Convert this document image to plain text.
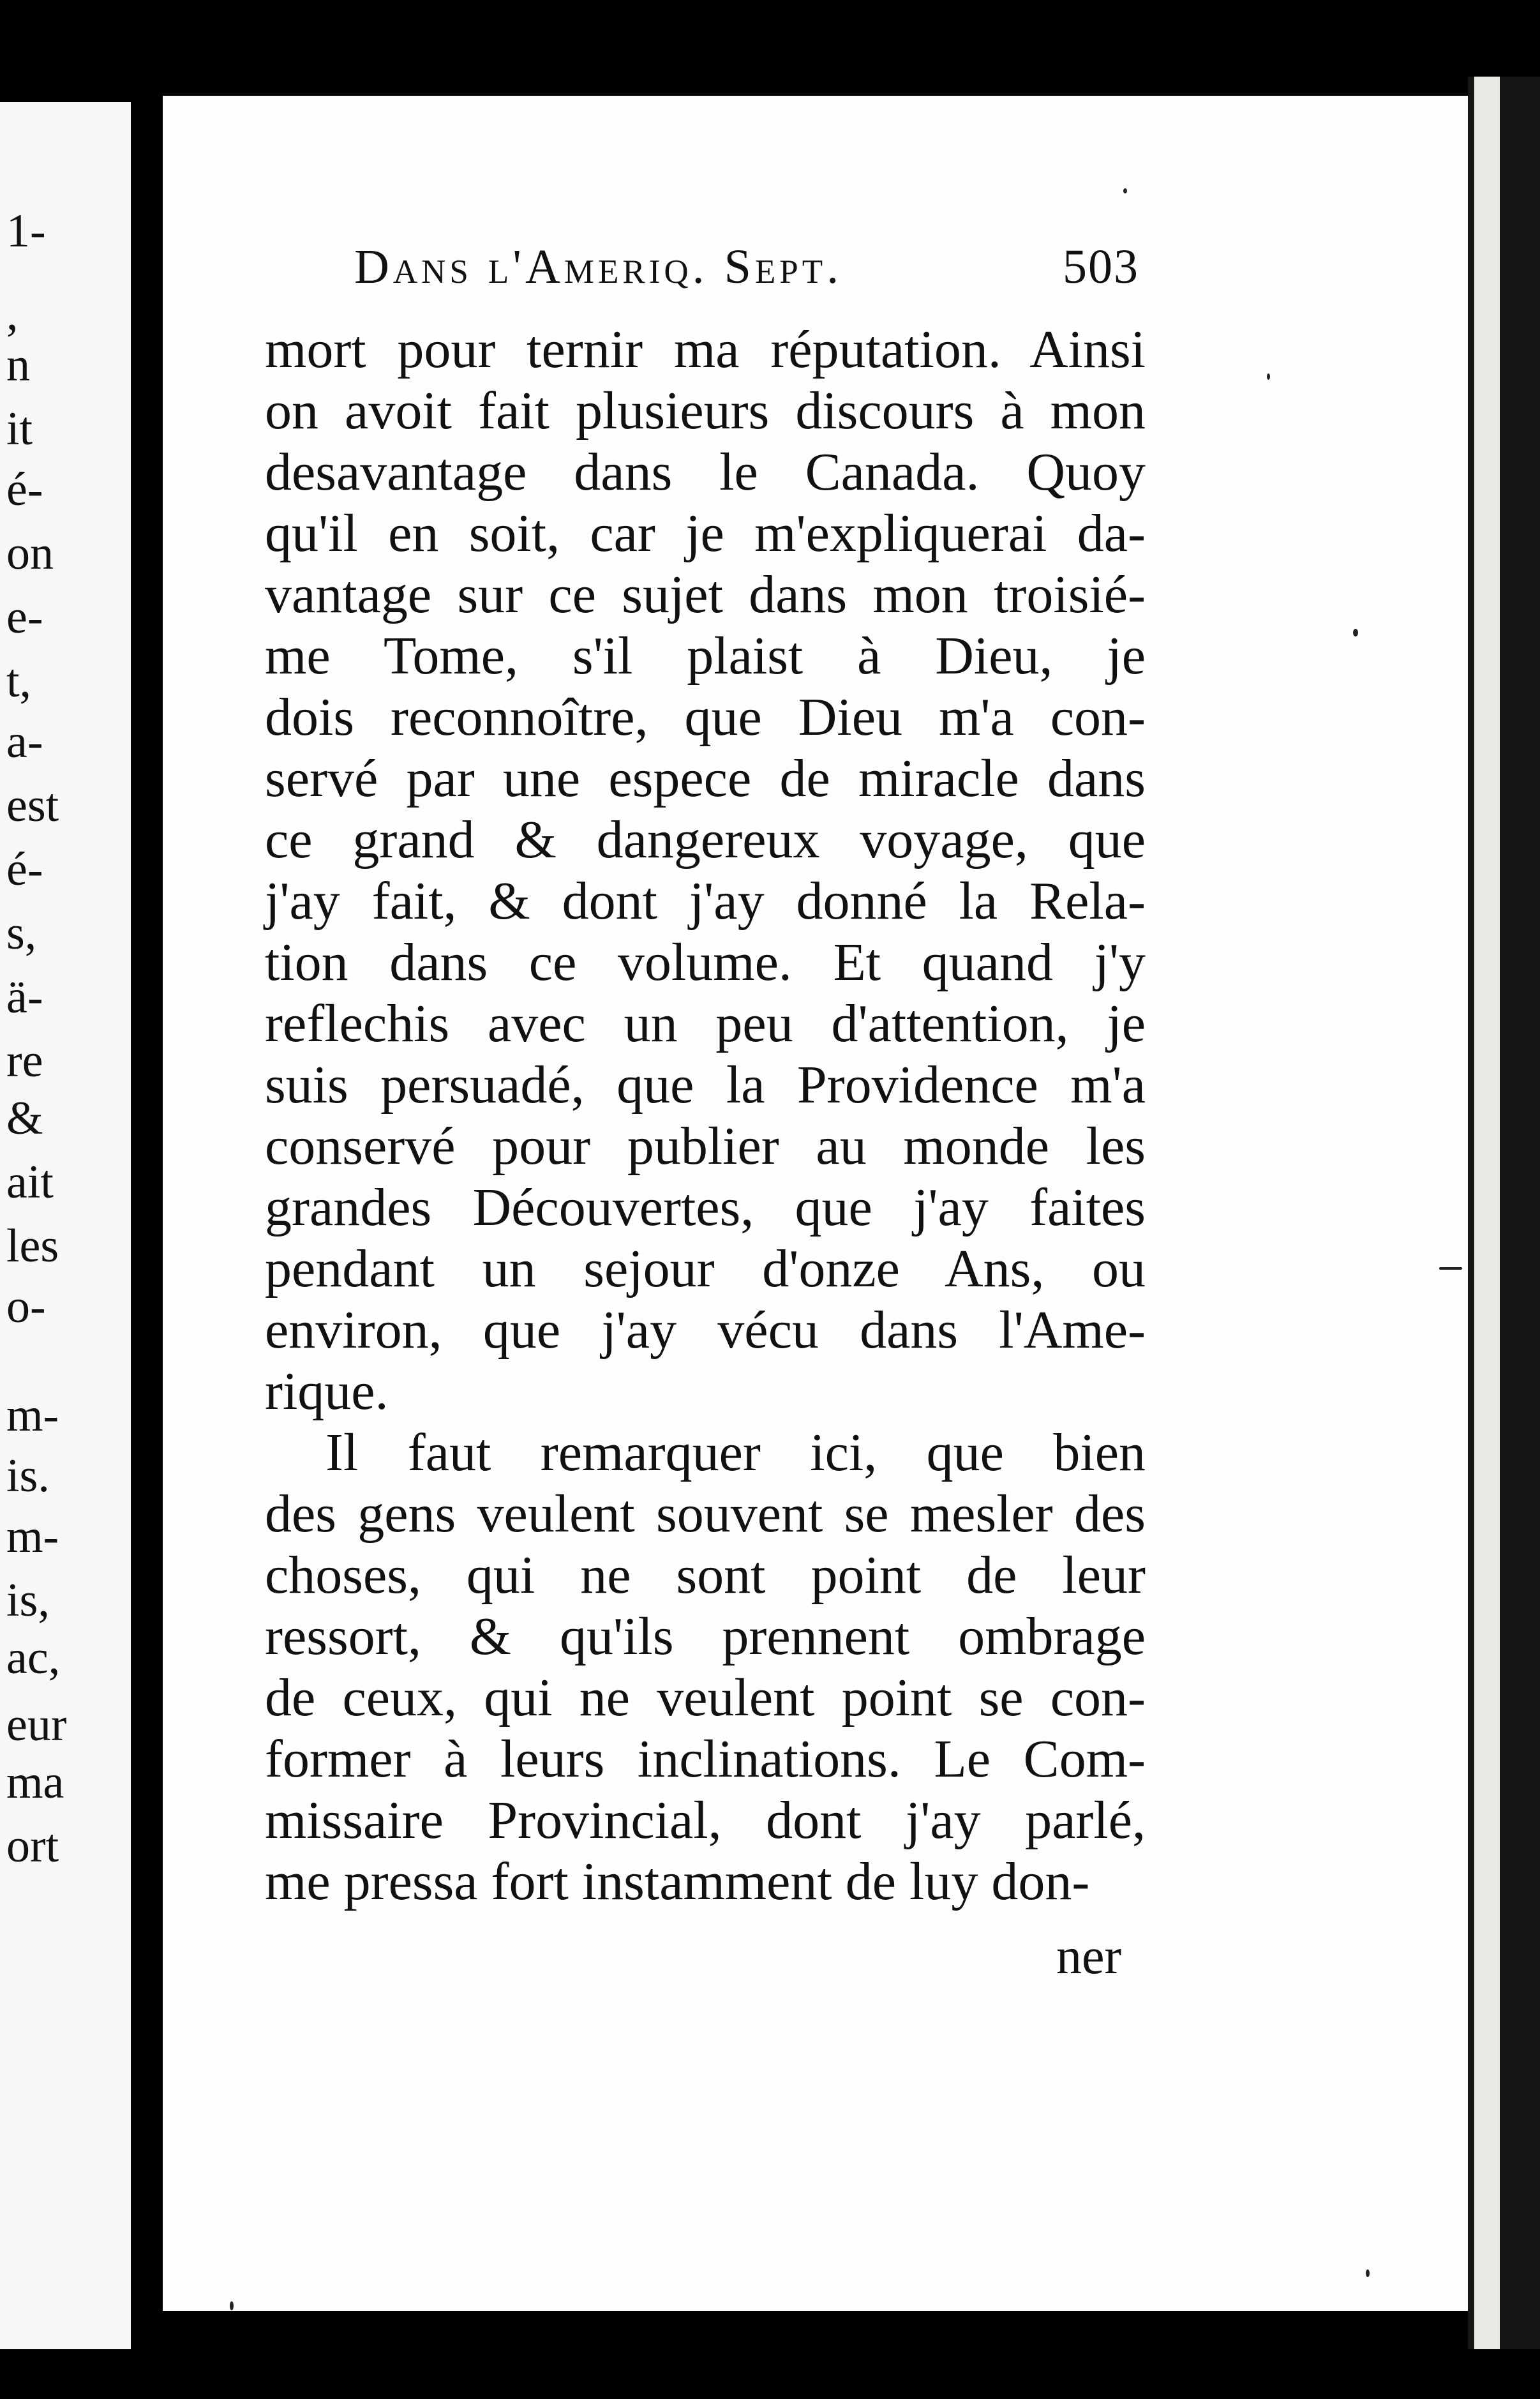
1-
,
n
it
é-
on
e-
t,
a-
est
é-
s,
ä-
re
&
ait
les
o-
m-
is.
m-
is,
ac,
eur
ma
ort
Dans l'Ameriq. Sept.	503
mort pour ternir ma réputation. Ainsi
on avoit fait plusieurs discours à mon
desavantage dans le Canada. Quoy
qu'il en soit, car je m'expliquerai da-
vantage sur ce sujet dans mon troisié-
me Tome, s'il plaist à Dieu, je
dois reconnoître, que Dieu m'a con-
servé par une espece de miracle dans
ce grand & dangereux voyage, que
j'ay fait, & dont j'ay donné la Rela-
tion dans ce volume. Et quand j'y
reflechis avec un peu d'attention, je
suis persuadé, que la Providence m'a
conservé pour publier au monde les
grandes Découvertes, que j'ay faites
pendant un sejour d'onze Ans, ou
environ, que j'ay vécu dans l'Ame-
rique.
Il faut remarquer ici, que bien
des gens veulent souvent se mesler des
choses, qui ne sont point de leur
ressort, & qu'ils prennent ombrage
de ceux, qui ne veulent point se con-
former à leurs inclinations. Le Com-
missaire Provincial, dont j'ay parlé,
me pressa fort instamment de luy don-
ner
